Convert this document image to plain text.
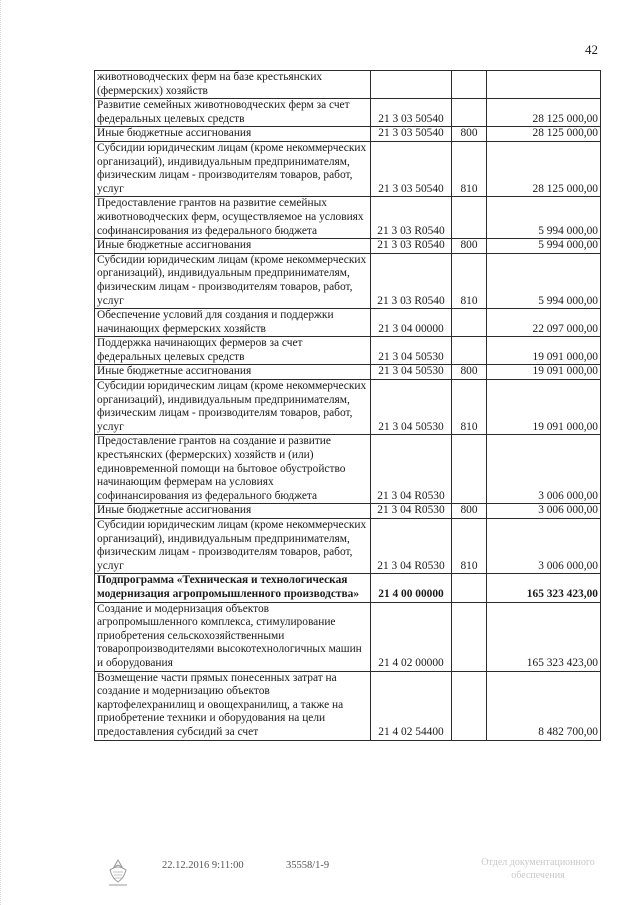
42
животноводческих ферм на базе крестьянских (фермерских) хозяйств			
Развитие семейных животноводческих ферм за счет федеральных целевых средств	21 3 03 50540		28 125 000,00
Иные бюджетные ассигнования	21 3 03 50540	800	28 125 000,00
Субсидии юридическим лицам (кроме некоммерческих организаций), индивидуальным предпринимателям, физическим лицам - производителям товаров, работ, услуг	21 3 03 50540	810	28 125 000,00
Предоставление грантов на развитие семейных животноводческих ферм, осуществляемое на условиях софинансирования из федерального бюджета	21 3 03 R0540		5 994 000,00
Иные бюджетные ассигнования	21 3 03 R0540	800	5 994 000,00
Субсидии юридическим лицам (кроме некоммерческих организаций), индивидуальным предпринимателям, физическим лицам - производителям товаров, работ, услуг	21 3 03 R0540	810	5 994 000,00
Обеспечение условий для создания и поддержки начинающих фермерских хозяйств	21 3 04 00000		22 097 000,00
Поддержка начинающих фермеров за счет федеральных целевых средств	21 3 04 50530		19 091 000,00
Иные бюджетные ассигнования	21 3 04 50530	800	19 091 000,00
Субсидии юридическим лицам (кроме некоммерческих организаций), индивидуальным предпринимателям, физическим лицам - производителям товаров, работ, услуг	21 3 04 50530	810	19 091 000,00
Предоставление грантов на создание и развитие крестьянских (фермерских) хозяйств и (или) единовременной помощи на бытовое обустройство начинающим фермерам на условиях софинансирования из федерального бюджета	21 3 04 R0530		3 006 000,00
Иные бюджетные ассигнования	21 3 04 R0530	800	3 006 000,00
Субсидии юридическим лицам (кроме некоммерческих организаций), индивидуальным предпринимателям, физическим лицам - производителям товаров, работ, услуг	21 3 04 R0530	810	3 006 000,00
Подпрограмма «Техническая и технологическая модернизация агропромышленного производства»	21 4 00 00000		165 323 423,00
Создание и модернизация объектов агропромышленного комплекса, стимулирование приобретения сельскохозяйственными товаропроизводителями высокотехнологичных машин и оборудования	21 4 02 00000		165 323 423,00
Возмещение части прямых понесенных затрат на создание и модернизацию объектов картофелехранилищ и овощехранилищ, а также на приобретение техники и оборудования на цели предоставления субсидий за счет	21 4 02 54400		8 482 700,00
22.12.2016 9:11:00	35558/1-9	Отдел документационного обеспечения
